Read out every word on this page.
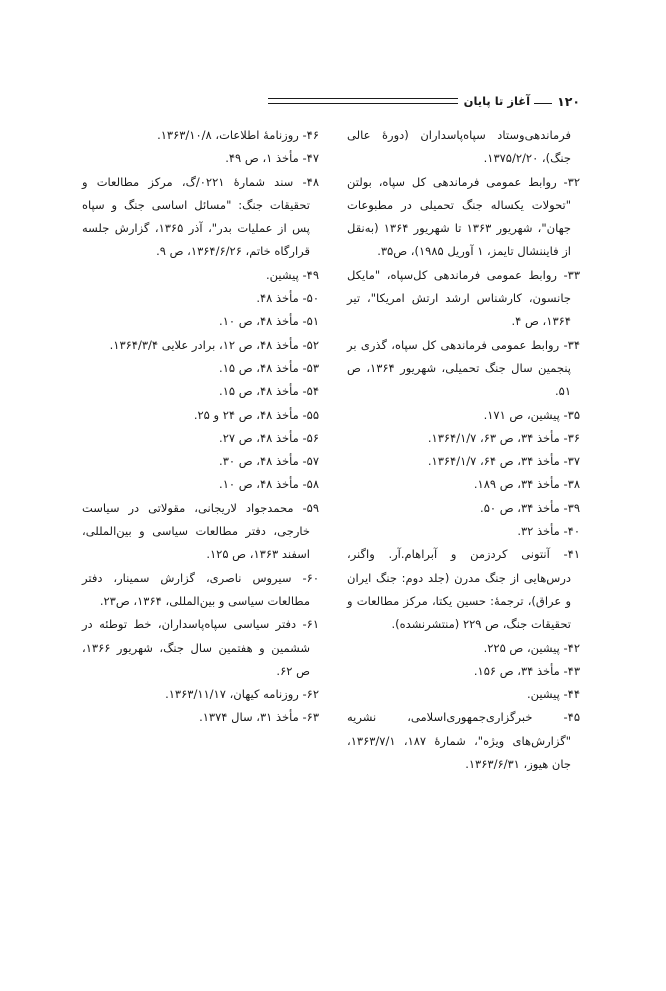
۱۲۰
آغاز تا پایان

فرماندهی‌وستاد سپاه‌پاسداران (دورهٔ عالی جنگ)، ۱۳۷۵/۲/۲۰.

۳۲- روابط عمومی فرماندهی کل سپاه، بولتن "تحولات یکساله جنگ تحمیلی در مطبوعات جهان"، شهریور ۱۳۶۳ تا شهریور ۱۳۶۴ (بەنقل از فایننشال تایمز، ۱ آوریل ۱۹۸۵)، ص۳۵.

۳۳- روابط عمومی فرماندهی کل‌سپاه، "مایکل جانسون، کارشناس ارشد ارتش امریکا"، تیر ۱۳۶۴، ص ۴.

۳۴- روابط عمومی فرماندهی کل سپاه، گذری بر پنجمین سال جنگ تحمیلی، شهریور ۱۳۶۴، ص ۵۱.

۳۵- پیشین، ص ۱۷۱.

۳۶- مأخذ ۳۴، ص ۶۳، ۱۳۶۴/۱/۷.

۳۷- مأخذ ۳۴، ص ۶۴، ۱۳۶۴/۱/۷.

۳۸- مأخذ ۳۴، ص ۱۸۹.

۳۹- مأخذ ۳۴، ص ۵۰.

۴۰- مأخذ ۳۲.

۴۱- آنتونی کردزمن و آبراهام.آر. واگنر، درس‌هایی از جنگ مدرن (جلد دوم: جنگ ایران و عراق)، ترجمهٔ: حسین یکتا، مرکز مطالعات و تحقیقات جنگ، ص ۲۲۹ (منتشرنشده).

۴۲- پیشین، ص ۲۲۵.

۴۳- مأخذ ۳۴، ص ۱۵۶.

۴۴- پیشین.

۴۵- خبرگزاری‌جمهوری‌اسلامی، نشریه "گزارش‌های ویژه"، شمارهٔ ۱۸۷، ۱۳۶۳/۷/۱، جان هیوز، ۱۳۶۳/۶/۳۱.

۴۶- روزنامهٔ اطلاعات، ۱۳۶۳/۱۰/۸.

۴۷- مأخذ ۱، ص ۴۹.

۴۸- سند شمارهٔ ۰۲۲۱/گ، مرکز مطالعات و تحقیقات جنگ: "مسائل اساسی جنگ و سپاه پس از عملیات بدر"، آذر ۱۳۶۵، گزارش جلسه قرارگاه خاتم، ۱۳۶۴/۶/۲۶، ص ۹.

۴۹- پیشین.

۵۰- مأخذ ۴۸.

۵۱- مأخذ ۴۸، ص ۱۰.

۵۲- مأخذ ۴۸، ص ۱۲، برادر علایی ۱۳۶۴/۳/۴.

۵۳- مأخذ ۴۸، ص ۱۵.

۵۴- مأخذ ۴۸، ص ۱۵.

۵۵- مأخذ ۴۸، ص ۲۴ و ۲۵.

۵۶- مأخذ ۴۸، ص ۲۷.

۵۷- مأخذ ۴۸، ص ۳۰.

۵۸- مأخذ ۴۸، ص ۱۰.

۵۹- محمدجواد لاریجانی، مقولاتی در سیاست خارجی، دفتر مطالعات سیاسی و بین‌المللی، اسفند ۱۳۶۳، ص ۱۲۵.

۶۰- سیروس ناصری، گزارش سمینار، دفتر مطالعات سیاسی و بین‌المللی، ۱۳۶۴، ص۲۳.

۶۱- دفتر سیاسی سپاه‌پاسداران، خط توطئه در ششمین و هفتمین سال جنگ، شهریور ۱۳۶۶، ص ۶۲.

۶۲- روزنامه کیهان، ۱۳۶۳/۱۱/۱۷.

۶۳- مأخذ ۳۱، سال ۱۳۷۴.
